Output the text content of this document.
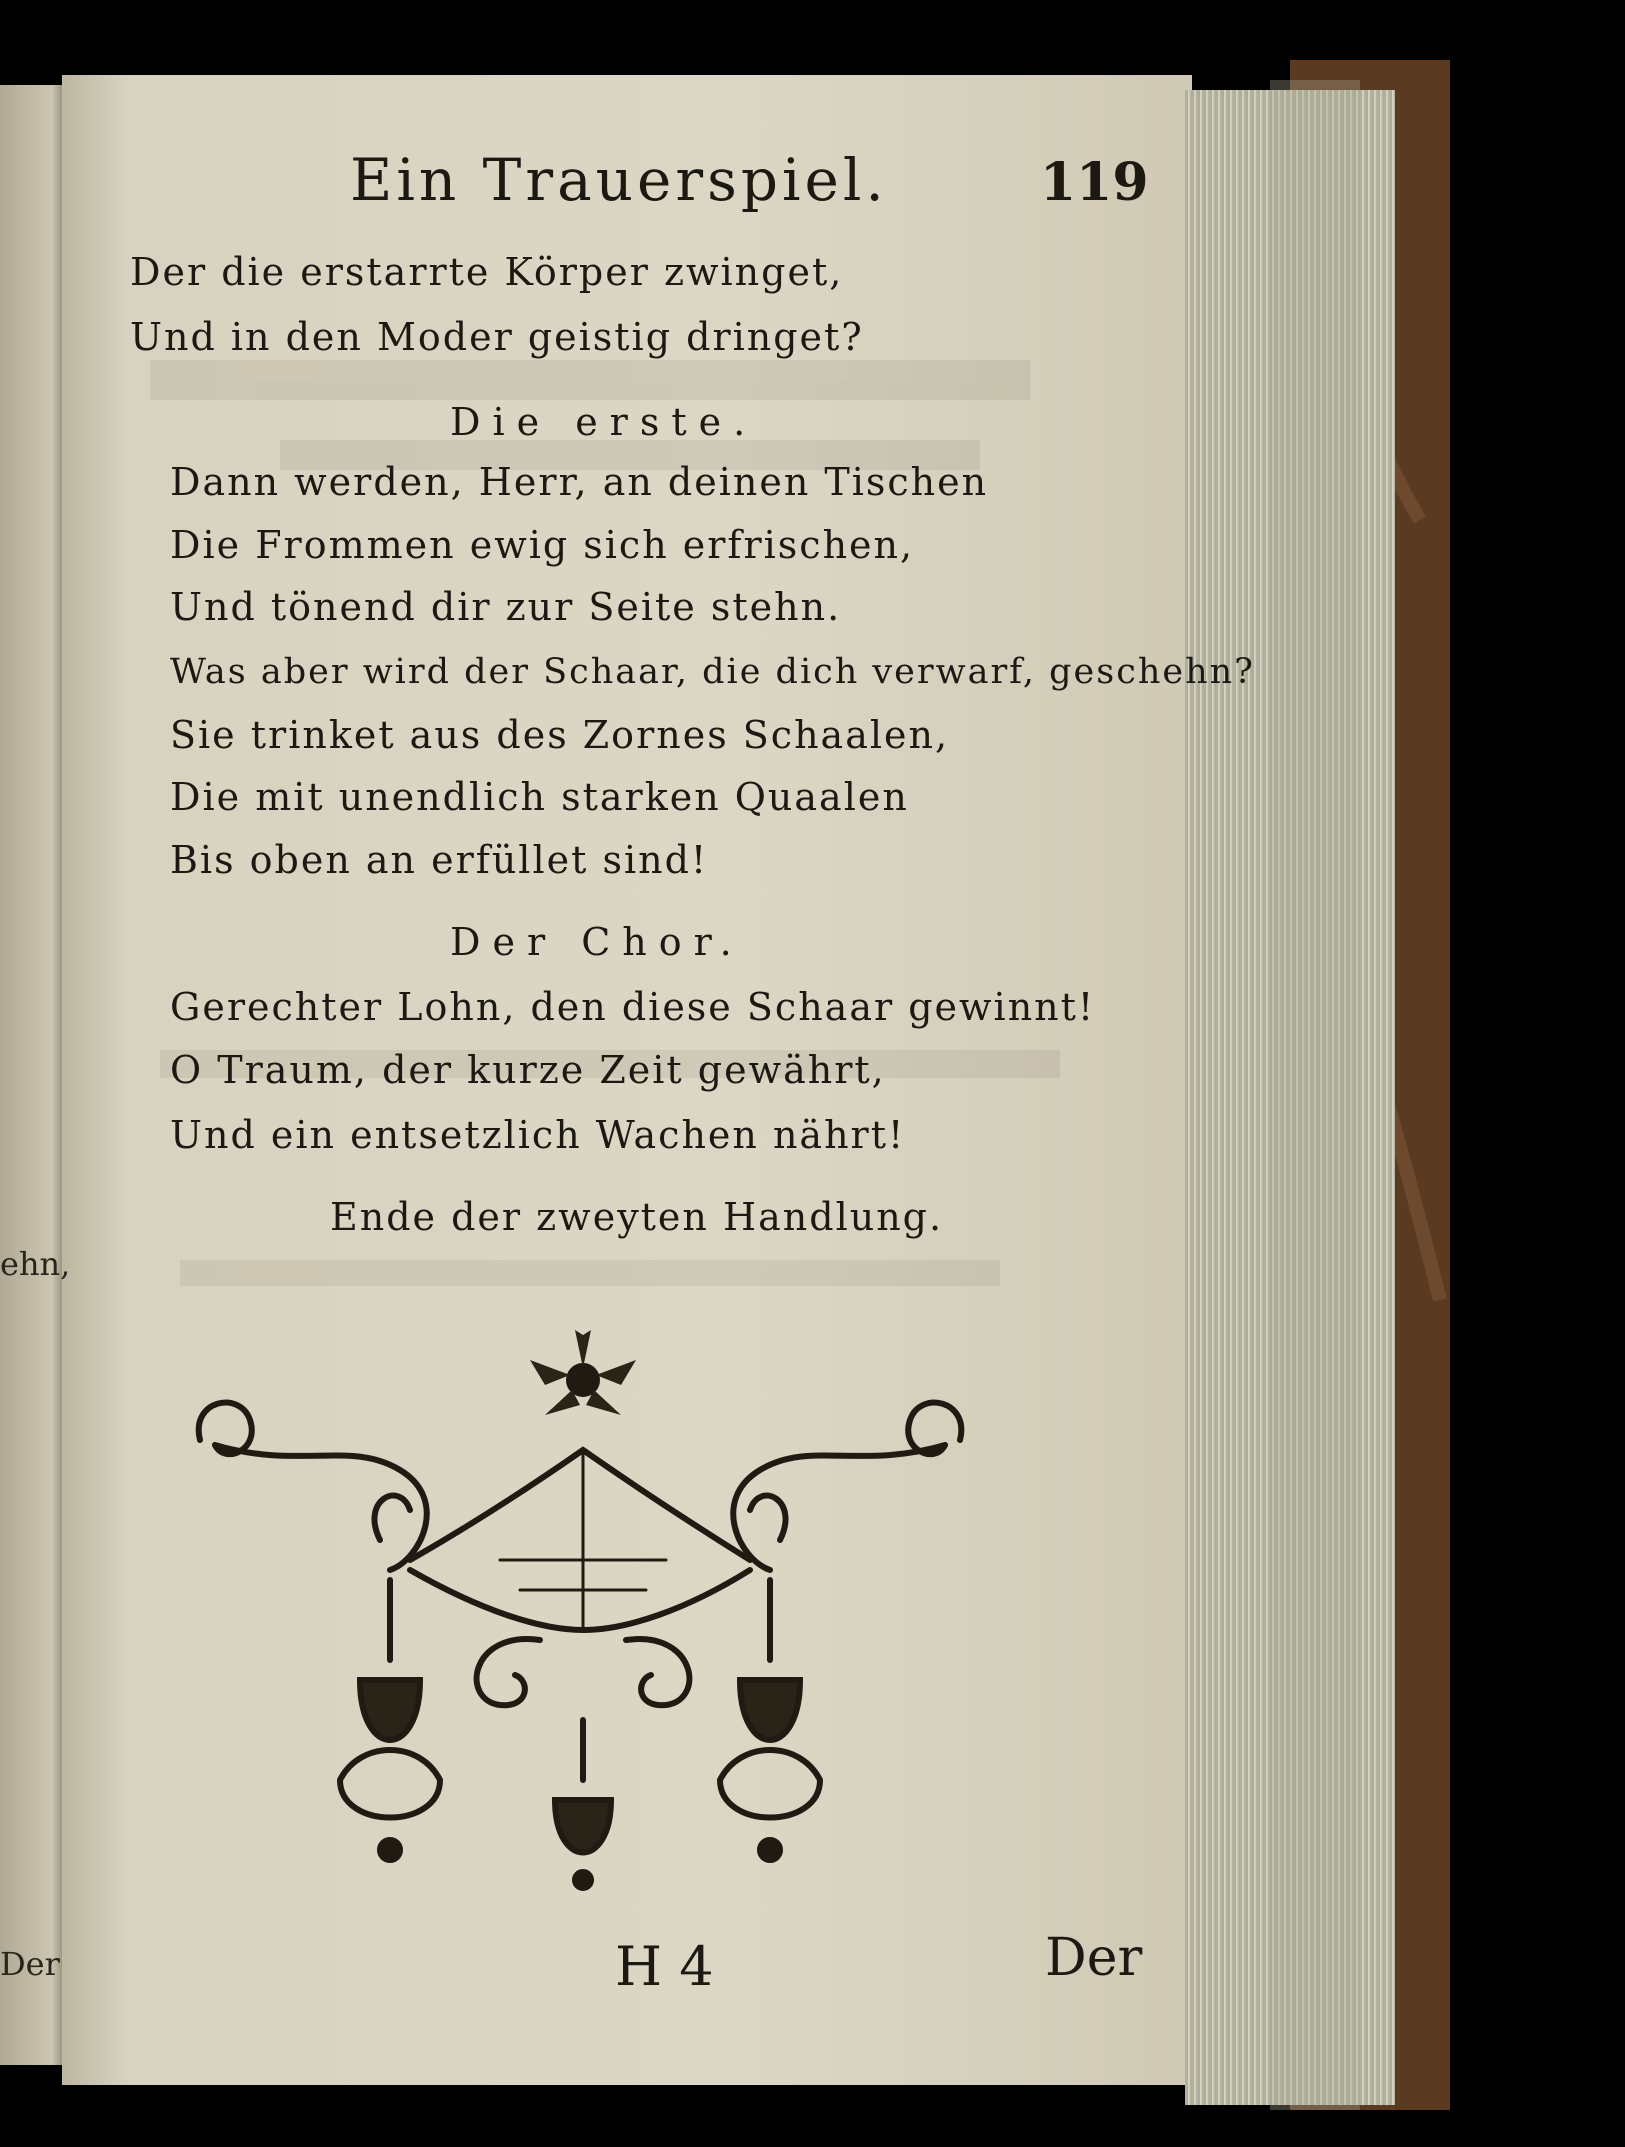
Ein Trauerspiel.	119
Der die erstarrte Körper zwinget,
Und in den Moder geistig dringet?
Die erste.
Dann werden, Herr, an deinen Tischen
Die Frommen ewig sich erfrischen,
Und tönend dir zur Seite stehn.
Was aber wird der Schaar, die dich verwarf, geschehn?
Sie trinket aus des Zornes Schaalen,
Die mit unendlich starken Quaalen
Bis oben an erfüllet sind!
Der Chor.
Gerechter Lohn, den diese Schaar gewinnt!
O Traum, der kurze Zeit gewährt,
Und ein entsetzlich Wachen nährt!
Ende der zweyten Handlung.
H 4	Der
ehn,
Der
